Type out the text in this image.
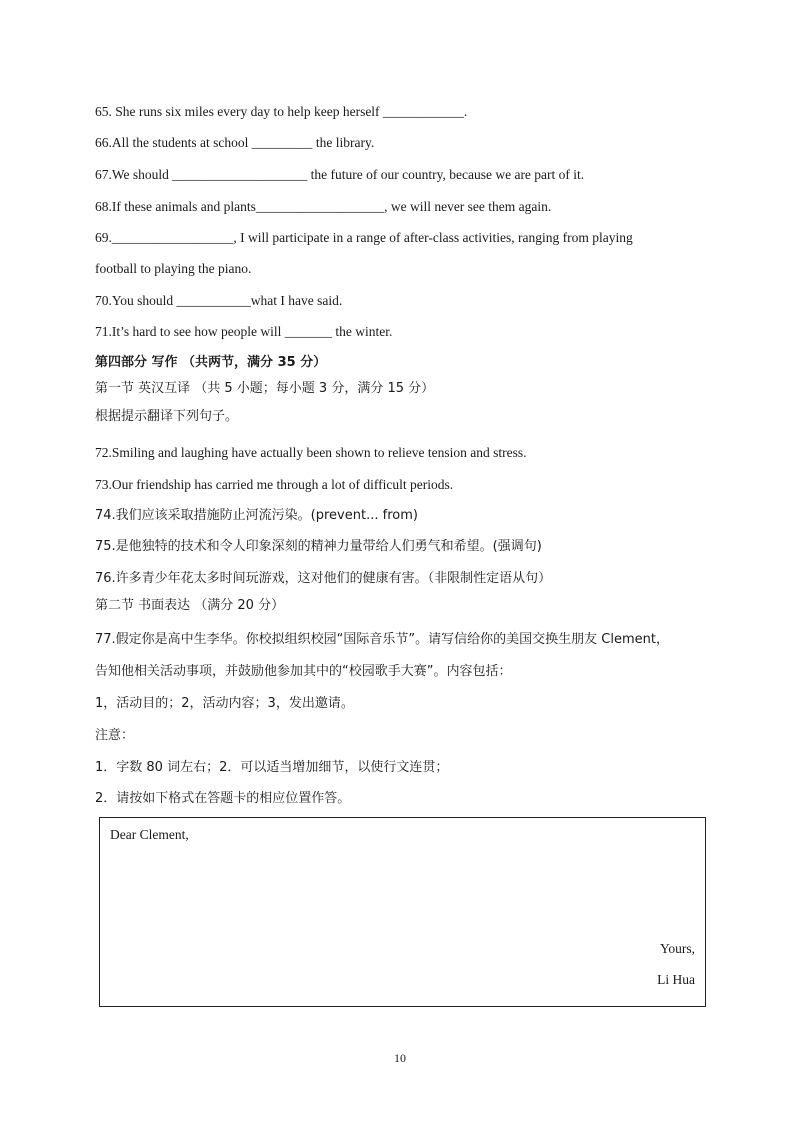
65. She runs six miles every day to help keep herself ____________.
66.All the students at school _________ the library.
67.We should ____________________ the future of our country, because we are part of it.
68.If these animals and plants___________________, we will never see them again.
69.__________________, I will participate in a range of after-class activities, ranging from playing
football to playing the piano.
70.You should ___________what I have said.
71.It’s hard to see how people will _______ the winter.
第四部分 写作 （共两节，满分 35 分）
第一节 英汉互译 （共 5 小题；每小题 3 分，满分 15 分）
根据提示翻译下列句子。
72.Smiling and laughing have actually been shown to relieve tension and stress.
73.Our friendship has carried me through a lot of difficult periods.
74.我们应该采取措施防止河流污染。(prevent... from)
75.是他独特的技术和令人印象深刻的精神力量带给人们勇气和希望。(强调句)
76.许多青少年花太多时间玩游戏，这对他们的健康有害。（非限制性定语从句）
第二节 书面表达 （满分 20 分）
77.假定你是高中生李华。你校拟组织校园“国际音乐节”。请写信给你的美国交换生朋友 Clement，
告知他相关活动事项，并鼓励他参加其中的“校园歌手大赛”。内容包括：
1，活动目的；2，活动内容；3，发出邀请。
注意：
1．字数 80 词左右；2．可以适当增加细节，以使行文连贯；
2．请按如下格式在答题卡的相应位置作答。
Dear Clement,
Yours,
Li Hua
10
